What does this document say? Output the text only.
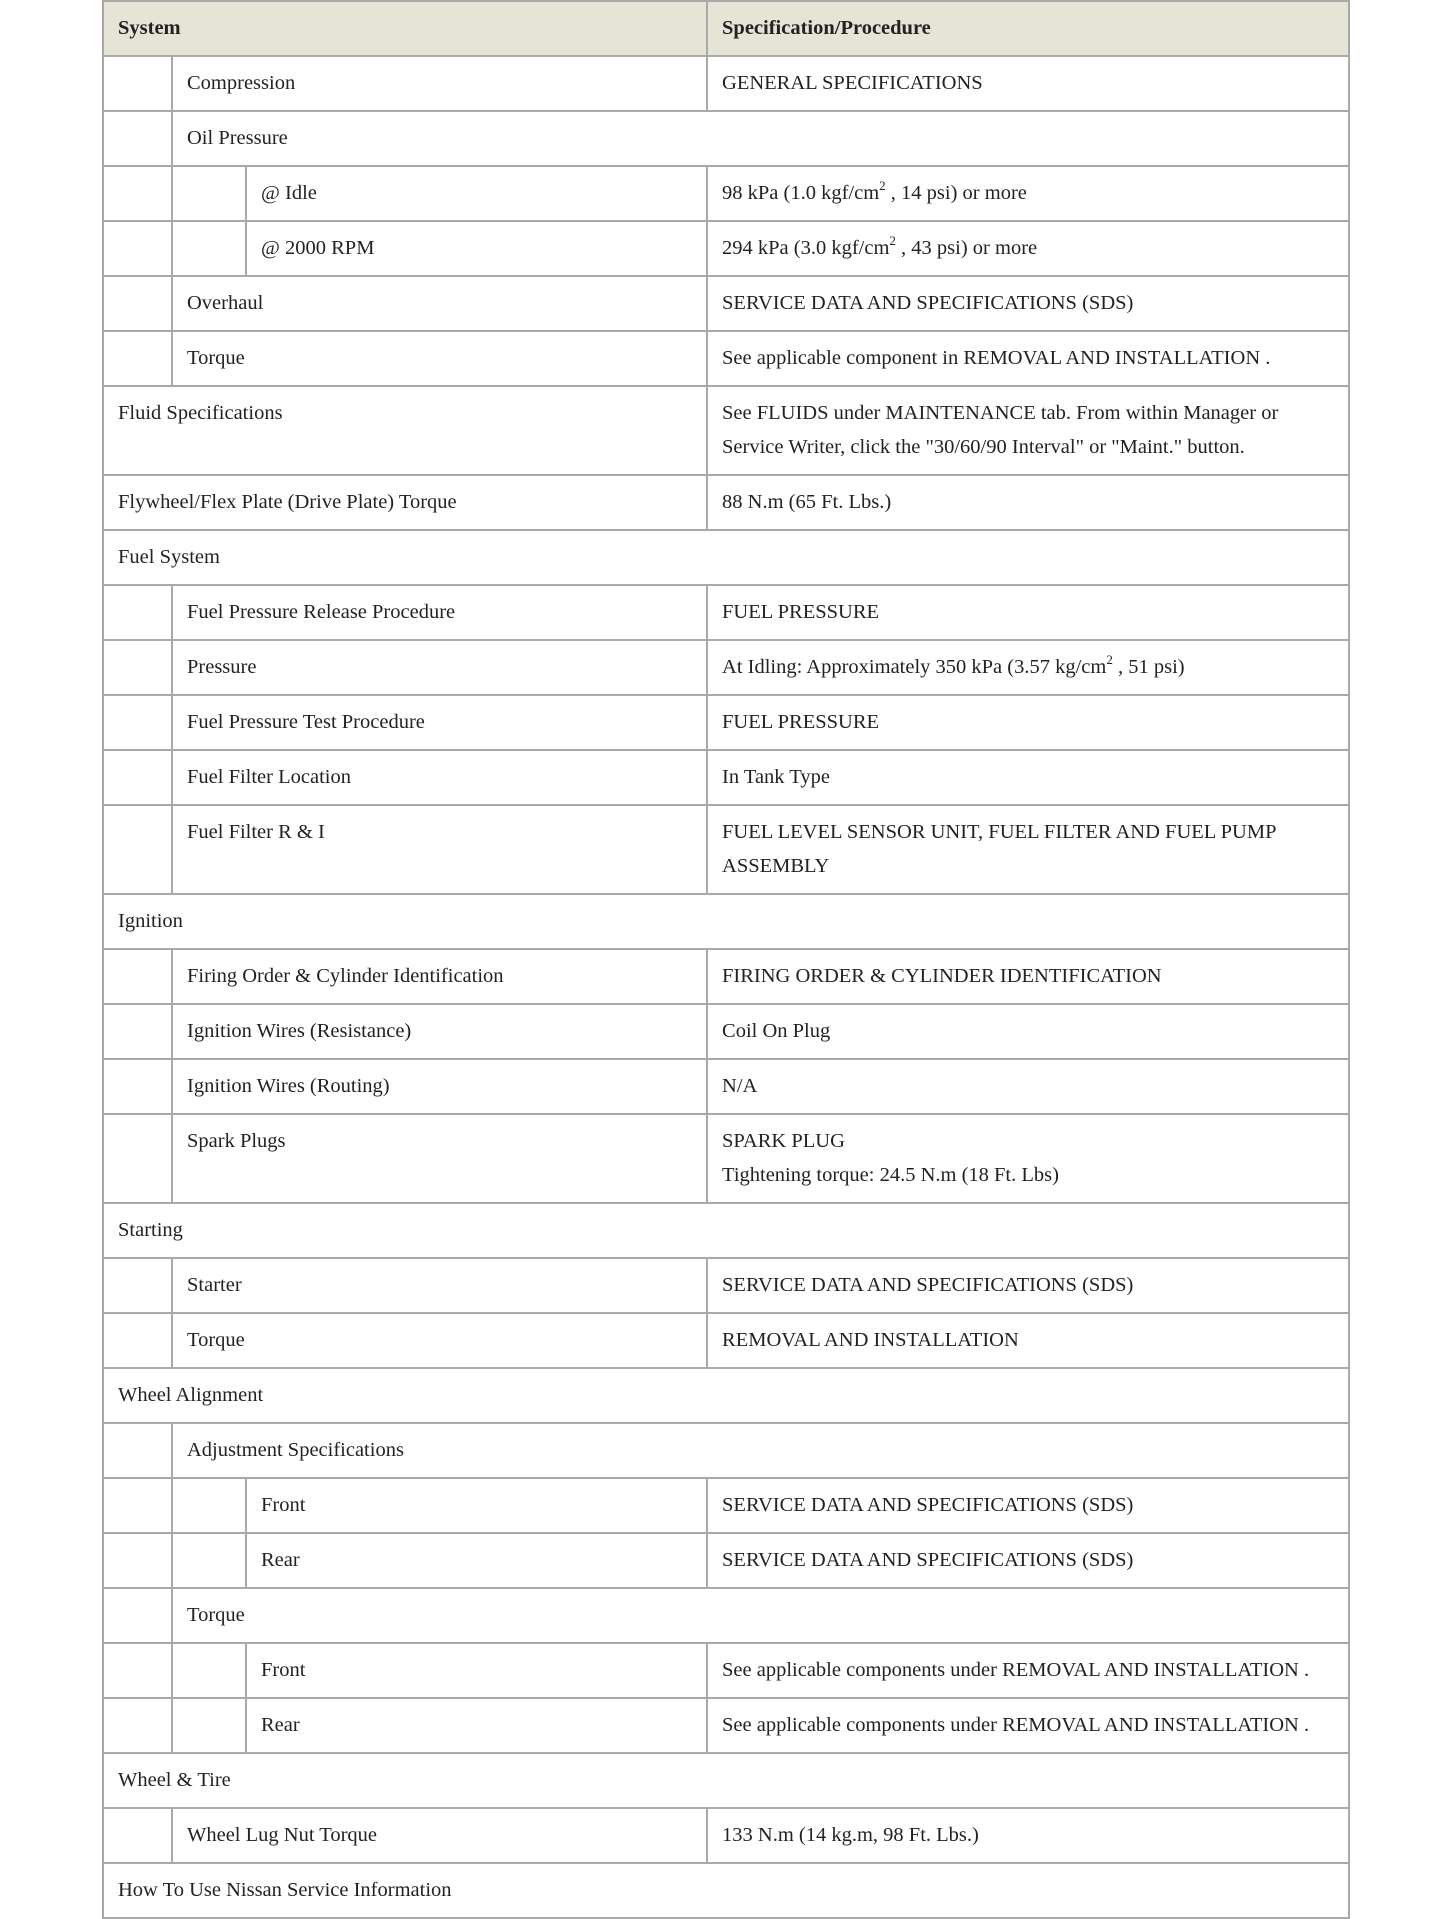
System			Specification/Procedure
	Compression		GENERAL SPECIFICATIONS
	Oil Pressure		
		@ Idle	98 kPa (1.0 kgf/$cm^2$ , 14 psi) or more
		@ 2000 RPM	294 kPa (3.0 kgf/$cm^2$ , 43 psi) or more
	Overhaul		SERVICE DATA AND SPECIFICATIONS (SDS)
	Torque		See applicable component in REMOVAL AND INSTALLATION .
Fluid Specifications			See FLUIDS under MAINTENANCE tab. From within Manager or Service Writer, click the "30/60/90 Interval" or "Maint." button.
Flywheel/Flex Plate (Drive Plate) Torque			88 N.m (65 Ft. Lbs.)
Fuel System			
	Fuel Pressure Release Procedure		FUEL PRESSURE
	Pressure		At Idling: Approximately 350 kPa (3.57 $kg/cm^2$ , 51 psi)
	Fuel Pressure Test Procedure		FUEL PRESSURE
	Fuel Filter Location		In Tank Type
	Fuel Filter R & I		FUEL LEVEL SENSOR UNIT, FUEL FILTER AND FUEL PUMP ASSEMBLY
Ignition			
	Firing Order & Cylinder Identification		FIRING ORDER & CYLINDER IDENTIFICATION
	Ignition Wires (Resistance)		Coil On Plug
	Ignition Wires (Routing)		N/A
	Spark Plugs		SPARK PLUG
Tightening torque: 24.5 N.m (18 Ft. Lbs)

Starting			
	Starter		SERVICE DATA AND SPECIFICATIONS (SDS)
	Torque		REMOVAL AND INSTALLATION
Wheel Alignment			
	Adjustment Specifications		
		Front	SERVICE DATA AND SPECIFICATIONS (SDS)
		Rear	SERVICE DATA AND SPECIFICATIONS (SDS)
	Torque		
		Front	See applicable components under REMOVAL AND INSTALLATION .
		Rear	See applicable components under REMOVAL AND INSTALLATION .
Wheel & Tire			
	Wheel Lug Nut Torque		133 N.m (14 kg.m, 98 Ft. Lbs.)
How To Use Nissan Service Information			
